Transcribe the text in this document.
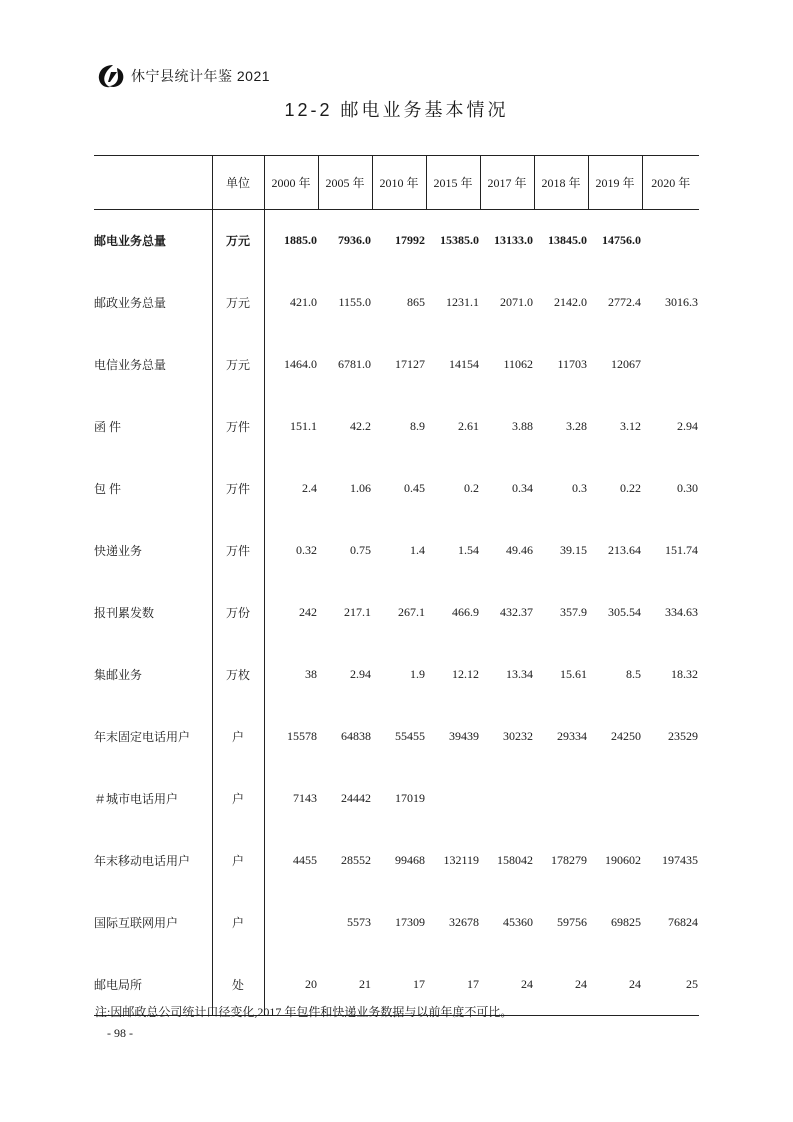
休宁县统计年鉴 2021
12-2 邮电业务基本情况
	单位	2000 年	2005 年	2010 年	2015 年	2017 年	2018 年	2019 年	2020 年
邮电业务总量	万元	1885.0	7936.0	17992	15385.0	13133.0	13845.0	14756.0	
邮政业务总量	万元	421.0	1155.0	865	1231.1	2071.0	2142.0	2772.4	3016.3
电信业务总量	万元	1464.0	6781.0	17127	14154	11062	11703	12067	
函 件	万件	151.1	42.2	8.9	2.61	3.88	3.28	3.12	2.94
包 件	万件	2.4	1.06	0.45	0.2	0.34	0.3	0.22	0.30
快递业务	万件	0.32	0.75	1.4	1.54	49.46	39.15	213.64	151.74
报刊累发数	万份	242	217.1	267.1	466.9	432.37	357.9	305.54	334.63
集邮业务	万枚	38	2.94	1.9	12.12	13.34	15.61	8.5	18.32
年末固定电话用户	户	15578	64838	55455	39439	30232	29334	24250	23529
＃城市电话用户	户	7143	24442	17019					
年末移动电话用户	户	4455	28552	99468	132119	158042	178279	190602	197435
国际互联网用户	户		5573	17309	32678	45360	59756	69825	76824
邮电局所	处	20	21	17	17	24	24	24	25
注:因邮政总公司统计口径变化,2017 年包件和快递业务数据与以前年度不可比。
- 98 -
